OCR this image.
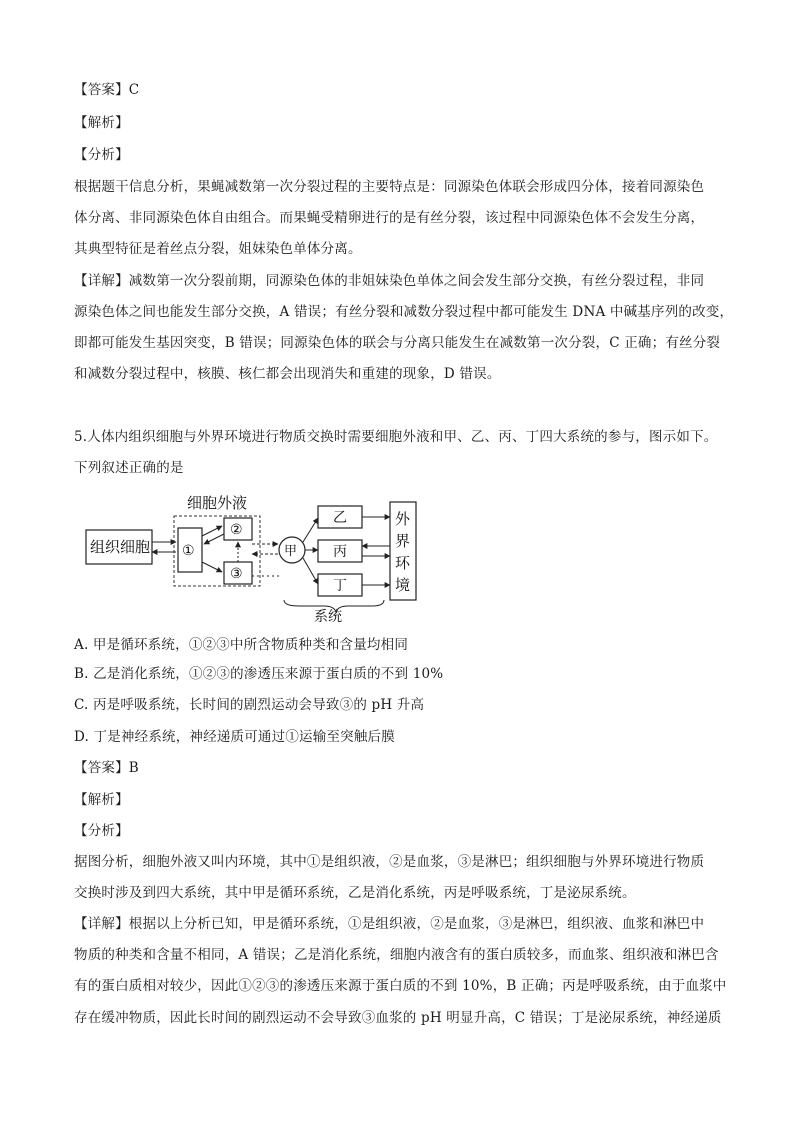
【答案】C
【解析】
【分析】
根据题干信息分析，果蝇减数第一次分裂过程的主要特点是：同源染色体联会形成四分体，接着同源染色
体分离、非同源染色体自由组合。而果蝇受精卵进行的是有丝分裂，该过程中同源染色体不会发生分离，
其典型特征是着丝点分裂，姐妹染色单体分离。
【详解】减数第一次分裂前期，同源染色体的非姐妹染色单体之间会发生部分交换，有丝分裂过程，非同
源染色体之间也能发生部分交换，A 错误；有丝分裂和减数分裂过程中都可能发生 DNA 中碱基序列的改变，
即都可能发生基因突变，B 错误；同源染色体的联会与分离只能发生在减数第一次分裂，C 正确；有丝分裂
和减数分裂过程中，核膜、核仁都会出现消失和重建的现象，D 错误。
5.人体内组织细胞与外界环境进行物质交换时需要细胞外液和甲、乙、丙、丁四大系统的参与，图示如下。
下列叙述正确的是
细胞外液
组织细胞 ①
②
③
甲
乙
丙
丁
外
界
环
境
系统
A. 甲是循环系统，①②③中所含物质种类和含量均相同
B. 乙是消化系统，①②③的渗透压来源于蛋白质的不到 10%
C. 丙是呼吸系统，长时间的剧烈运动会导致③的 pH 升高
D. 丁是神经系统，神经递质可通过①运输至突触后膜
【答案】B
【解析】
【分析】
据图分析，细胞外液又叫内环境，其中①是组织液，②是血浆，③是淋巴；组织细胞与外界环境进行物质
交换时涉及到四大系统，其中甲是循环系统，乙是消化系统，丙是呼吸系统，丁是泌尿系统。
【详解】根据以上分析已知，甲是循环系统，①是组织液，②是血浆，③是淋巴，组织液、血浆和淋巴中
物质的种类和含量不相同，A 错误；乙是消化系统，细胞内液含有的蛋白质较多，而血浆、组织液和淋巴含
有的蛋白质相对较少，因此①②③的渗透压来源于蛋白质的不到 10%，B 正确；丙是呼吸系统，由于血浆中
存在缓冲物质，因此长时间的剧烈运动不会导致③血浆的 pH 明显升高，C 错误；丁是泌尿系统，神经递质
